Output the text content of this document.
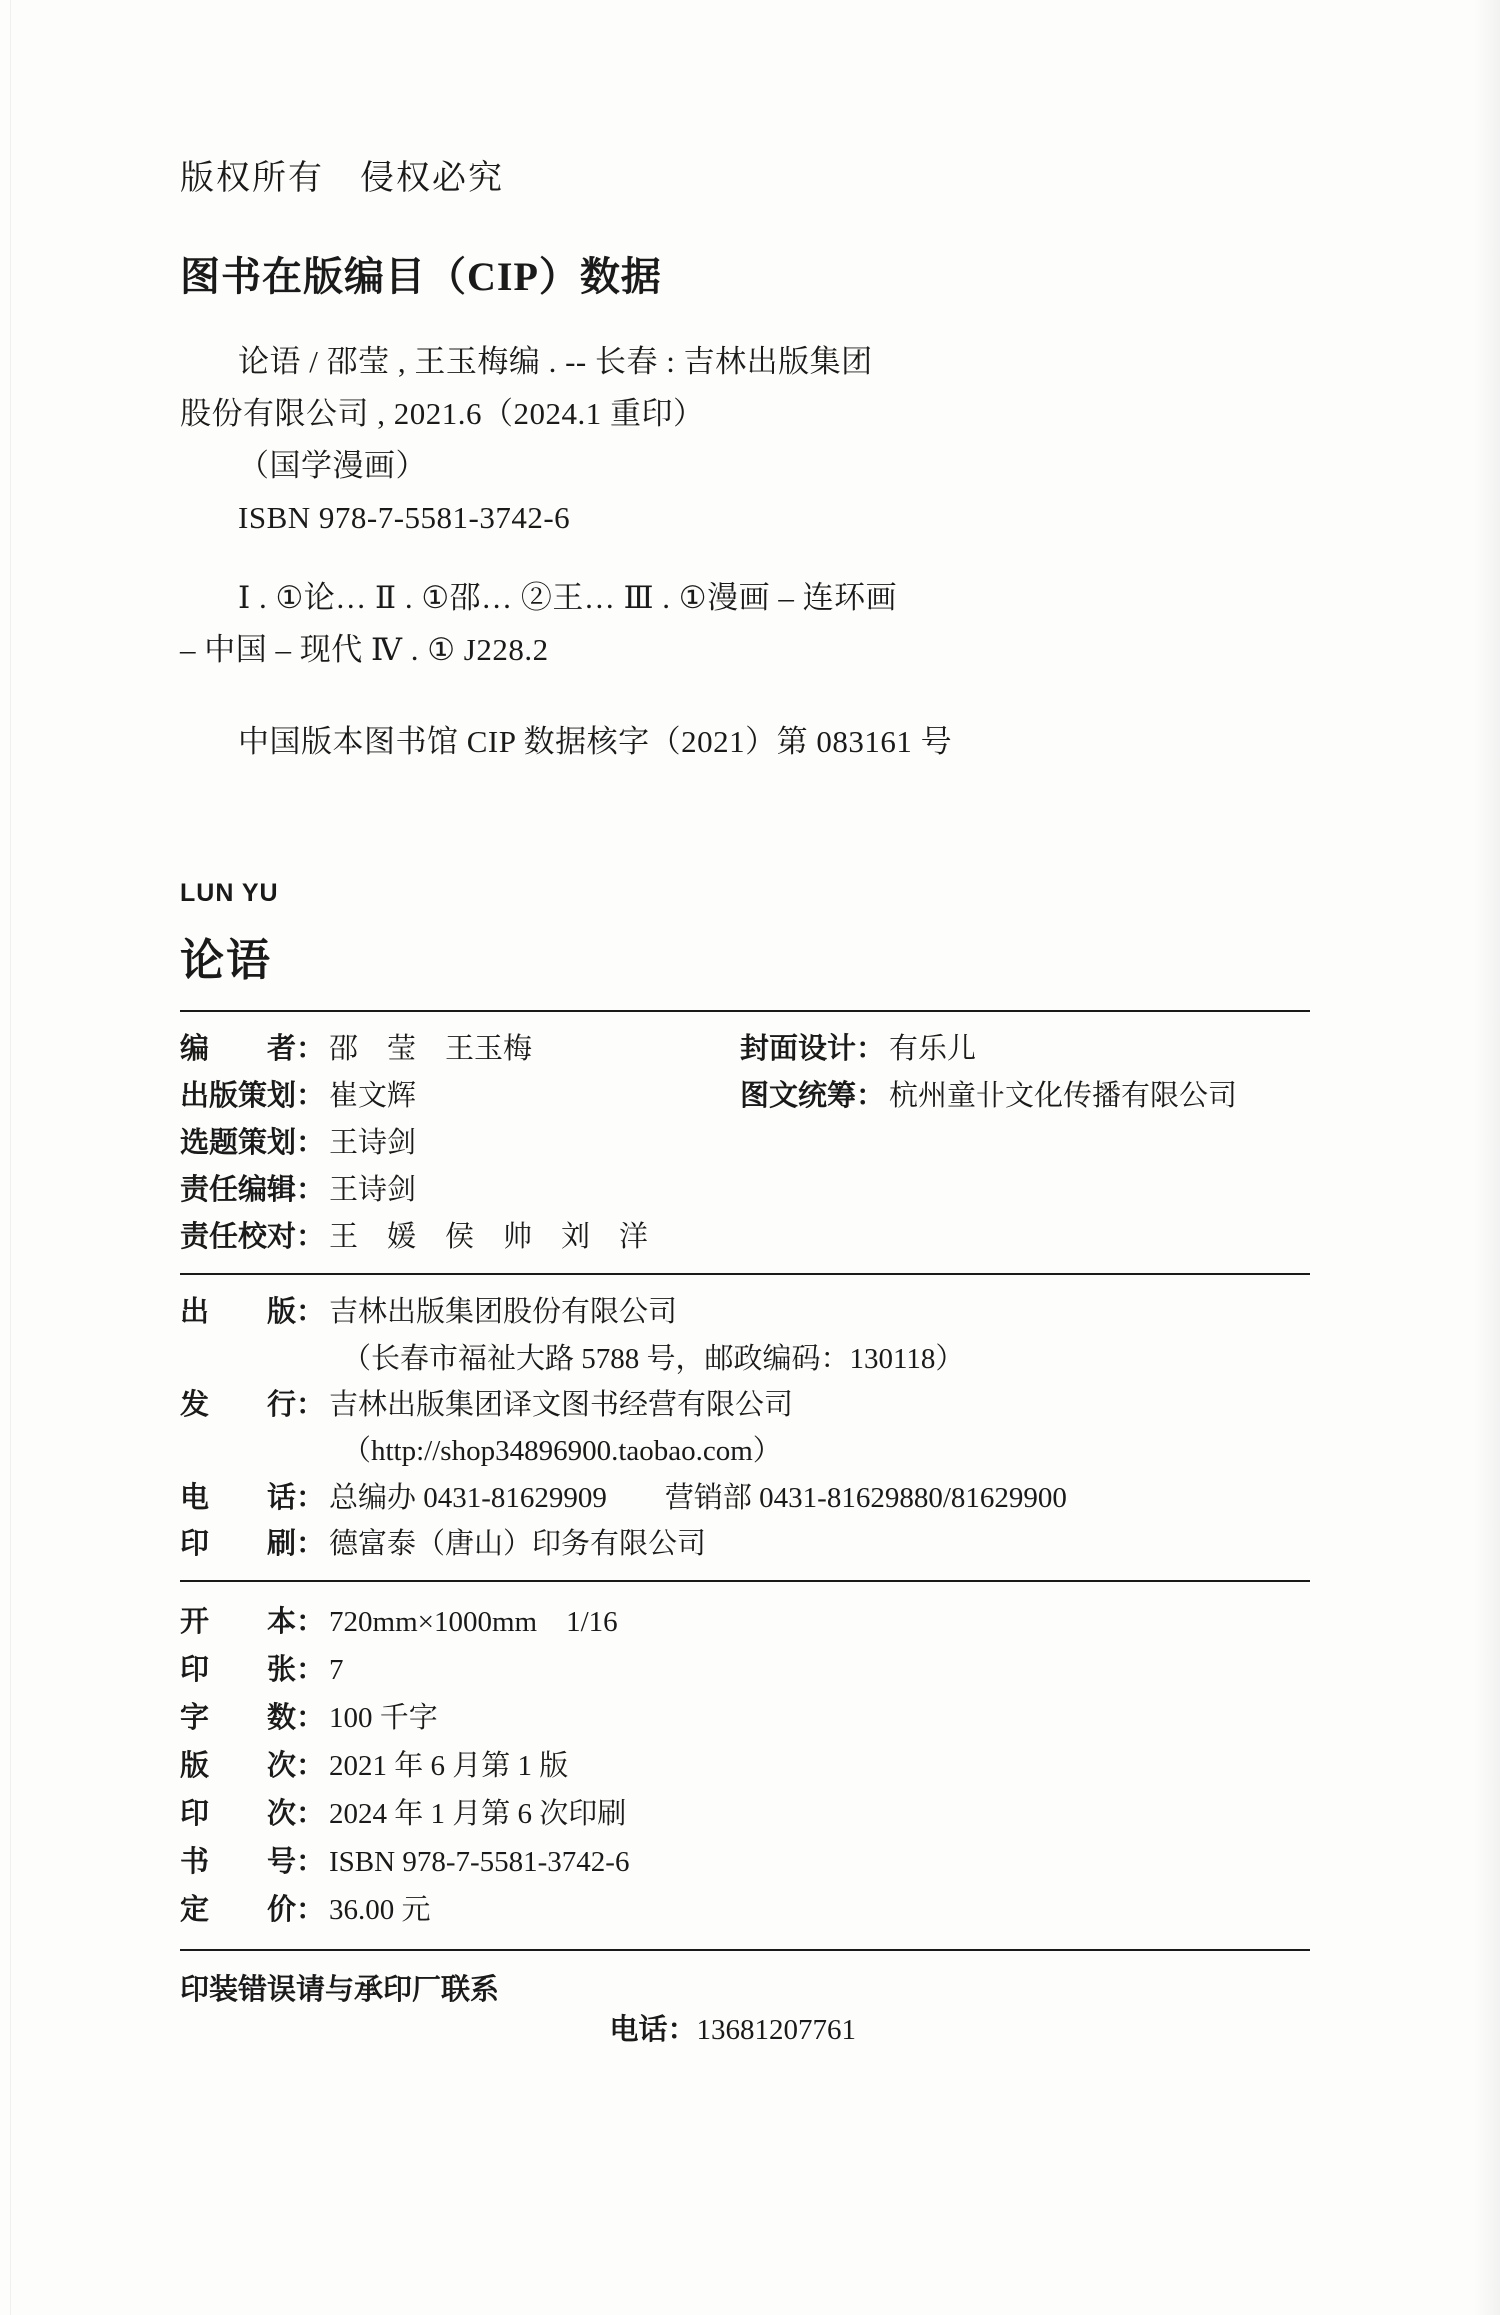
版权所有　侵权必究
图书在版编目（CIP）数据
论语 / 邵莹 , 王玉梅编 . -- 长春 : 吉林出版集团
股份有限公司 , 2021.6（2024.1 重印）
（国学漫画）
ISBN 978-7-5581-3742-6
Ⅰ . ①论… Ⅱ . ①邵… ②王… Ⅲ . ①漫画 – 连环画
– 中国 – 现代 Ⅳ . ① J228.2
中国版本图书馆 CIP 数据核字（2021）第 083161 号
LUN YU
论语
编　　者： 邵　莹　王玉梅	封面设计： 有乐儿
出版策划： 崔文辉	图文统筹： 杭州童卝文化传播有限公司
选题策划： 王诗剑
责任编辑： 王诗剑
责任校对： 王　媛　侯　帅　刘　洋
出　　版： 吉林出版集团股份有限公司
（长春市福祉大路 5788 号，邮政编码：130118）
发　　行： 吉林出版集团译文图书经营有限公司
（http://shop34896900.taobao.com）
电　　话： 总编办 0431-81629909　　营销部 0431-81629880/81629900
印　　刷： 德富泰（唐山）印务有限公司
开　　本： 720mm×1000mm　1/16
印　　张： 7
字　　数： 100 千字
版　　次： 2021 年 6 月第 1 版
印　　次： 2024 年 1 月第 6 次印刷
书　　号： ISBN 978-7-5581-3742-6
定　　价： 36.00 元
印装错误请与承印厂联系

电话：13681207761
